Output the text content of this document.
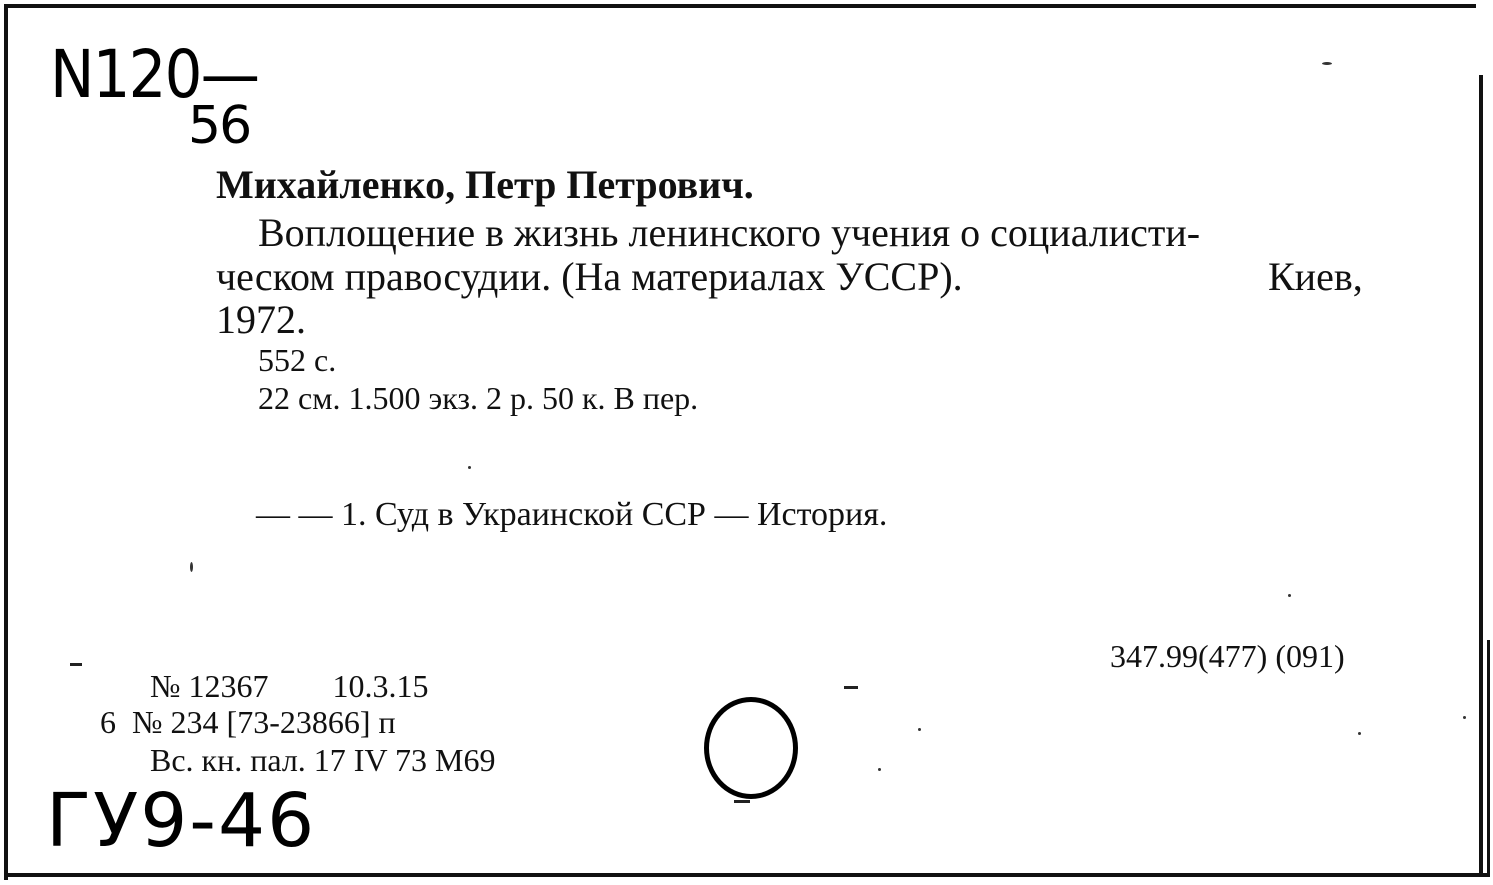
N120—
56
Михайленко, Петр Петрович.
Воплощение в жизнь ленинского учения о социалисти-
ческом правосудии. (На материалах УССР).	Киев,
1972.
552 с.
22 см. 1.500 экз. 2 р. 50 к. В пер.
— — 1. Суд в Украинской ССР — История.
347.99(477) (091)
№ 12367        10.3.15
6  № 234 [73-23866] п
Вс. кн. пал. 17 IV 73 М69
ГУ9-46
